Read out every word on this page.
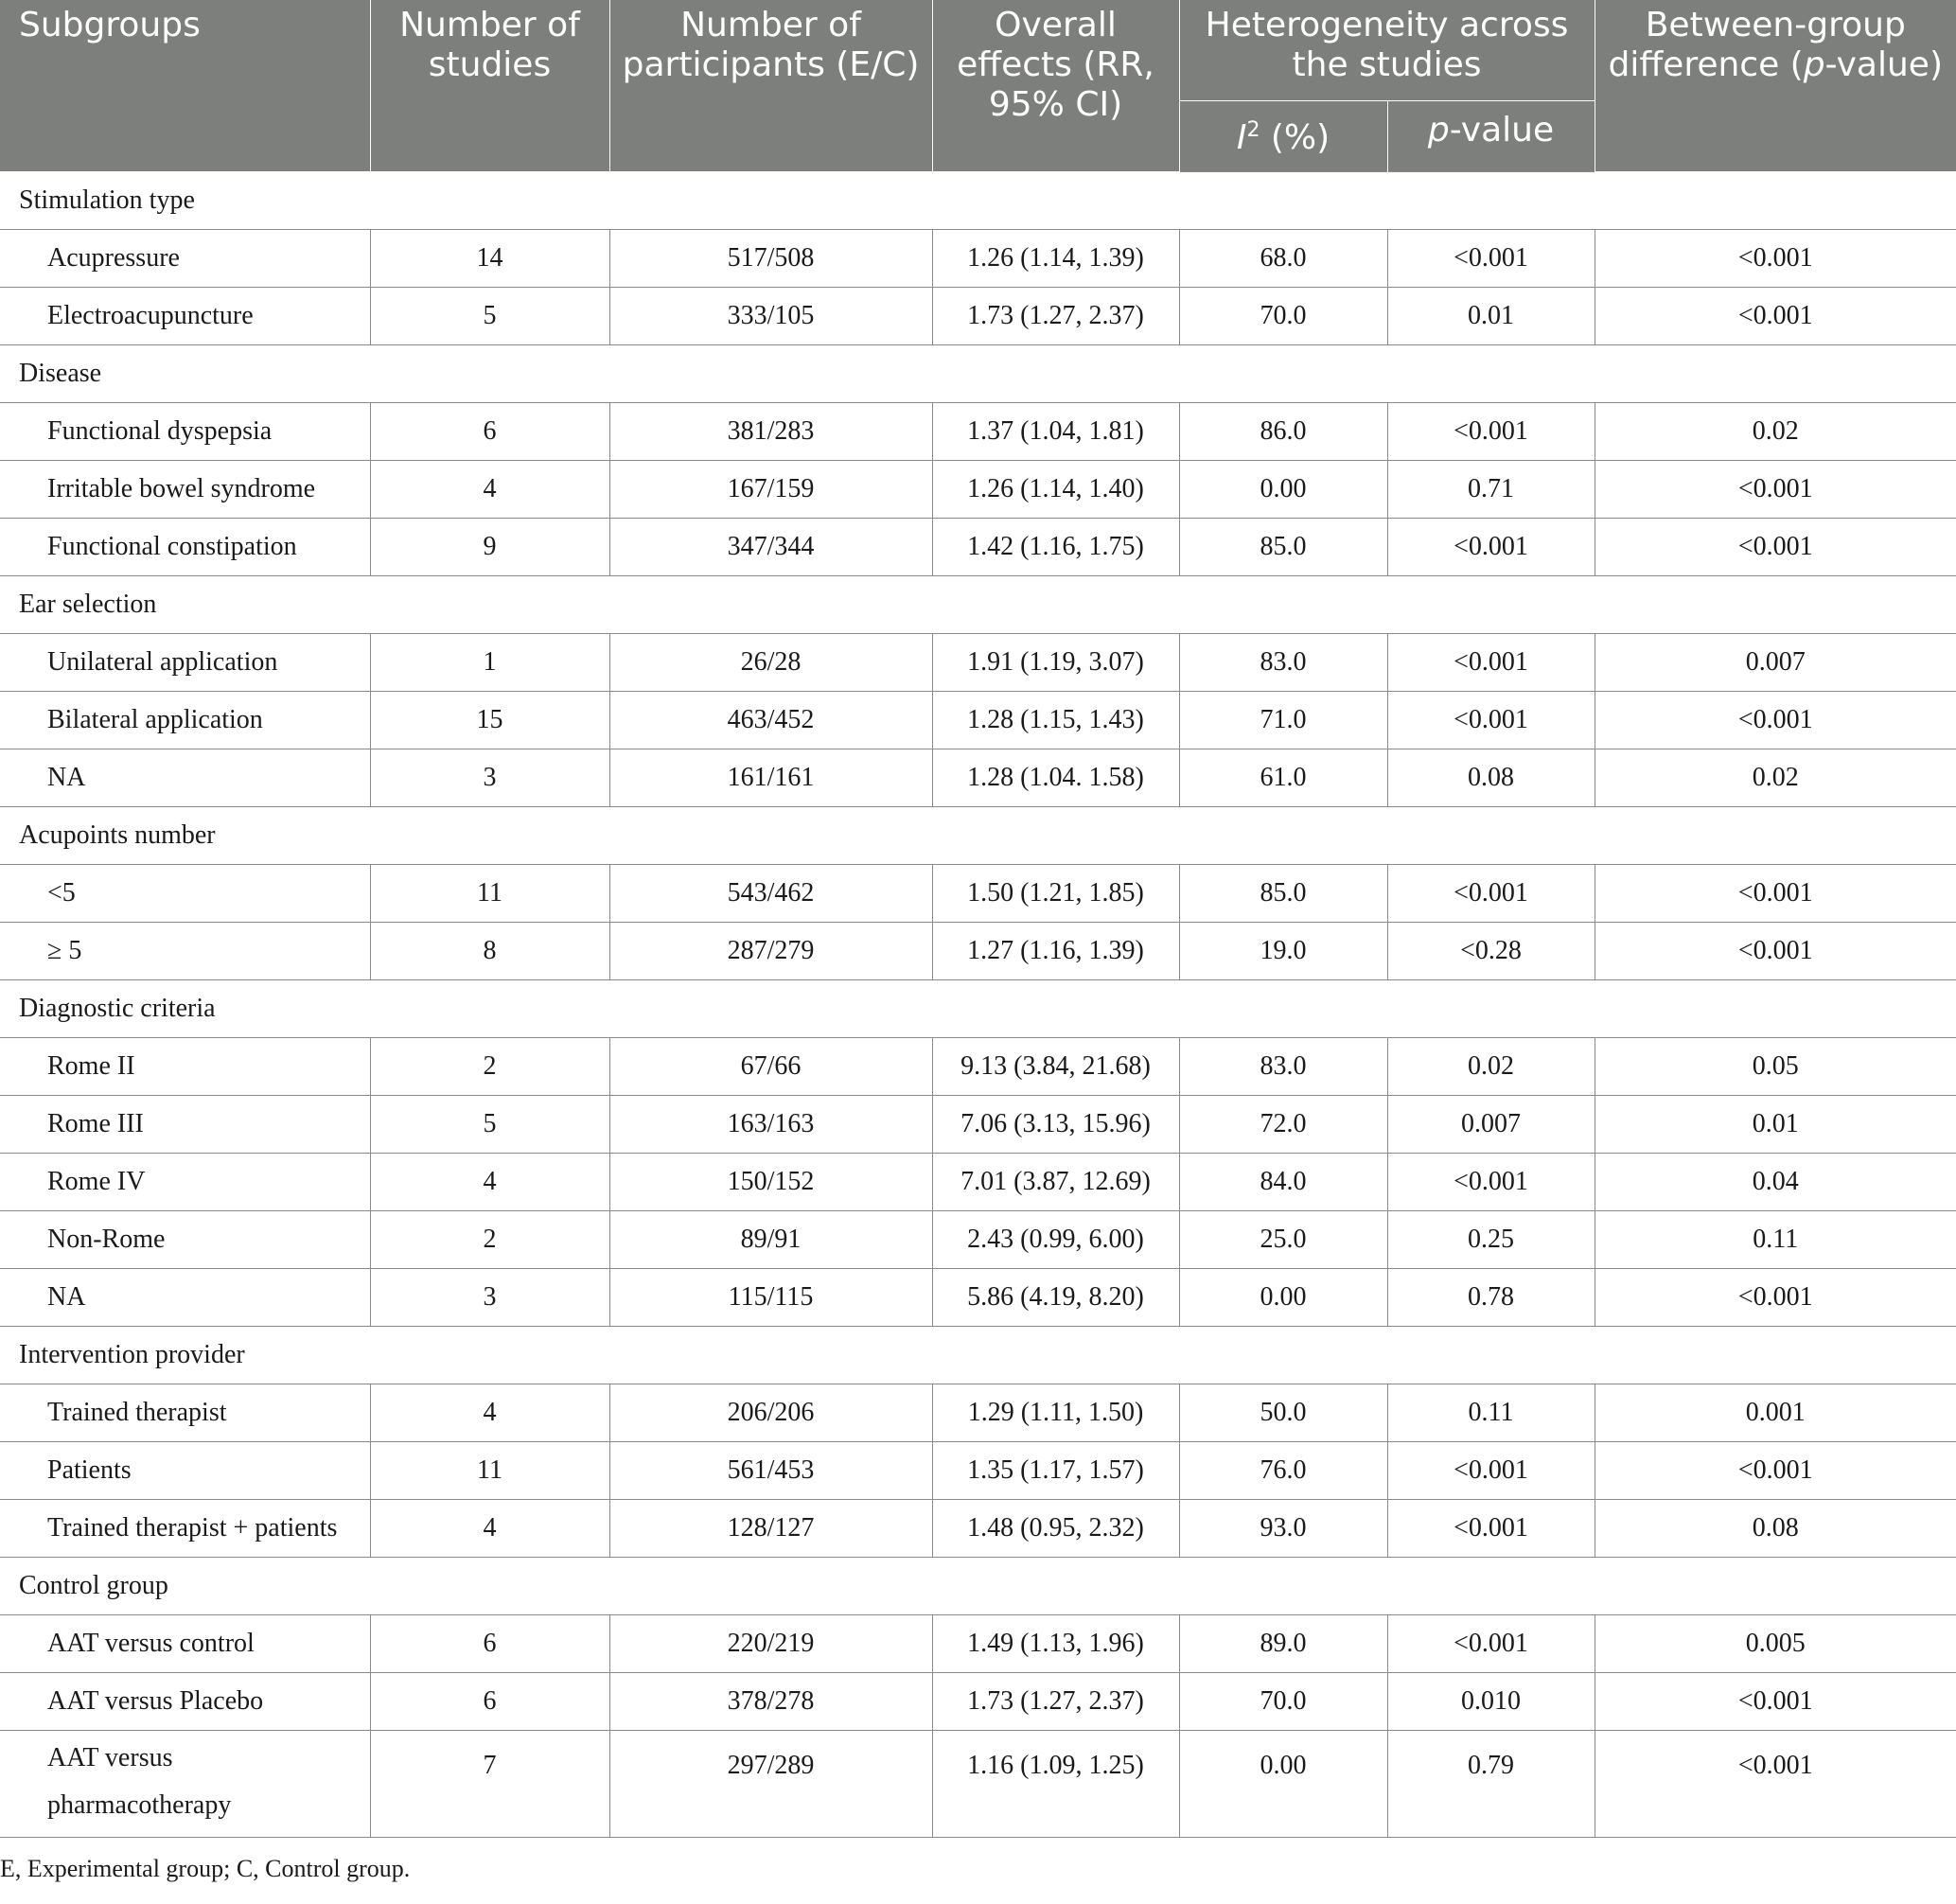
Subgroups	Number of studies	Number of participants (E/C)	Overall effects (RR, 95% CI)	Heterogeneity across the studies		Between-group difference (p-value)
				$I^2$ (%)	p-value	
Stimulation type						
Acupressure	14	517/508	1.26 (1.14, 1.39)	68.0	<0.001	<0.001
Electroacupuncture	5	333/105	1.73 (1.27, 2.37)	70.0	0.01	<0.001
Disease						
Functional dyspepsia	6	381/283	1.37 (1.04, 1.81)	86.0	<0.001	0.02
Irritable bowel syndrome	4	167/159	1.26 (1.14, 1.40)	0.00	0.71	<0.001
Functional constipation	9	347/344	1.42 (1.16, 1.75)	85.0	<0.001	<0.001
Ear selection						
Unilateral application	1	26/28	1.91 (1.19, 3.07)	83.0	<0.001	0.007
Bilateral application	15	463/452	1.28 (1.15, 1.43)	71.0	<0.001	<0.001
NA	3	161/161	1.28 (1.04. 1.58)	61.0	0.08	0.02
Acupoints number						
<5	11	543/462	1.50 (1.21, 1.85)	85.0	<0.001	<0.001
≥ 5	8	287/279	1.27 (1.16, 1.39)	19.0	<0.28	<0.001
Diagnostic criteria						
Rome II	2	67/66	9.13 (3.84, 21.68)	83.0	0.02	0.05
Rome III	5	163/163	7.06 (3.13, 15.96)	72.0	0.007	0.01
Rome IV	4	150/152	7.01 (3.87, 12.69)	84.0	<0.001	0.04
Non-Rome	2	89/91	2.43 (0.99, 6.00)	25.0	0.25	0.11
NA	3	115/115	5.86 (4.19, 8.20)	0.00	0.78	<0.001
Intervention provider						
Trained therapist	4	206/206	1.29 (1.11, 1.50)	50.0	0.11	0.001
Patients	11	561/453	1.35 (1.17, 1.57)	76.0	<0.001	<0.001
Trained therapist + patients	4	128/127	1.48 (0.95, 2.32)	93.0	<0.001	0.08
Control group						
AAT versus control	6	220/219	1.49 (1.13, 1.96)	89.0	<0.001	0.005
AAT versus Placebo	6	378/278	1.73 (1.27, 2.37)	70.0	0.010	<0.001
AAT versus pharmacotherapy	7	297/289	1.16 (1.09, 1.25)	0.00	0.79	<0.001
E, Experimental group; C, Control group.
